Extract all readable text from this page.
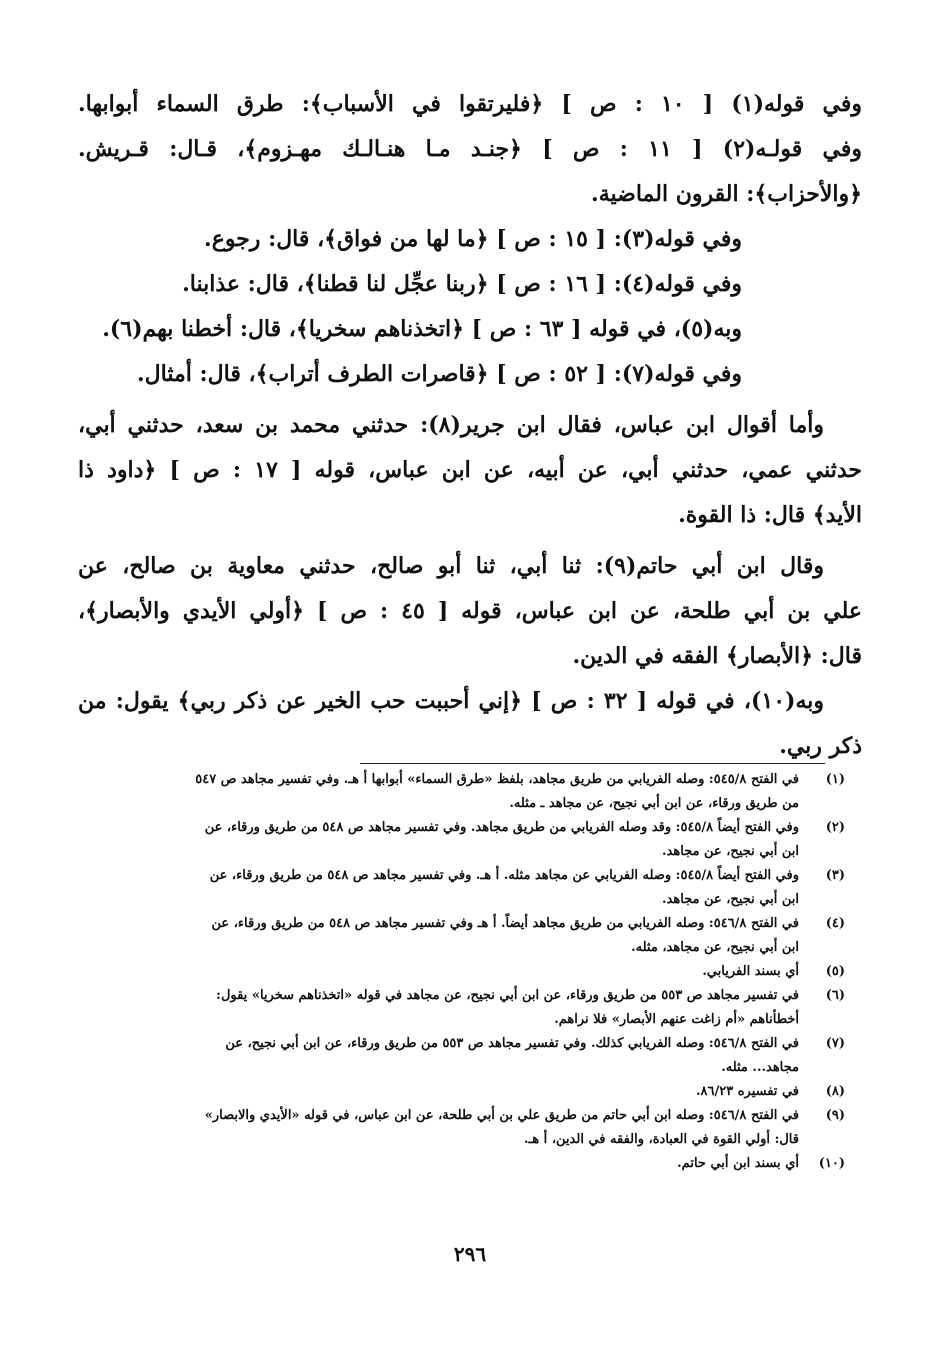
وفي قوله(١) [ ١٠ : ص ] ﴿فليرتقوا في الأسباب﴾: طرق السماء أبوابها.
وفي قولـه(٢) [ ١١ : ص ] ﴿جنـد مـا هنـالـك مهـزوم﴾، قـال: قـريش.
﴿والأحزاب﴾: القرون الماضية.
وفي قوله(٣): [ ١٥ : ص ] ﴿ما لها من فواق﴾، قال: رجوع.
وفي قوله(٤): [ ١٦ : ص ] ﴿ربنا عجِّل لنا قطنا﴾، قال: عذابنا.
وبه(٥)، في قوله [ ٦٣ : ص ] ﴿اتخذناهم سخريا﴾، قال: أخطنا بهم(٦).
وفي قوله(٧): [ ٥٢ : ص ] ﴿قاصرات الطرف أتراب﴾، قال: أمثال.
وأما أقوال ابن عباس، فقال ابن جرير(٨): حدثني محمد بن سعد، حدثني أبي،
حدثني عمي، حدثني أبي، عن أبيه، عن ابن عباس، قوله [ ١٧ : ص ] ﴿داود ذا
الأيد﴾ قال: ذا القوة.
وقال ابن أبي حاتم(٩): ثنا أبي، ثنا أبو صالح، حدثني معاوية بن صالح، عن
علي بن أبي طلحة، عن ابن عباس، قوله [ ٤٥ : ص ] ﴿أولي الأيدي والأبصار﴾،
قال: ﴿الأبصار﴾ الفقه في الدين.
وبه(١٠)، في قوله [ ٣٢ : ص ] ﴿إني أحببت حب الخير عن ذكر ربي﴾ يقول: من
ذكر ربي.
(١)
في الفتح ٥٤٥/٨: وصله الفريابي من طريق مجاهد، بلفظ «طرق السماء» أبوابها أ هـ. وفي تفسير مجاهد ص ٥٤٧
من طريق ورقاء، عن ابن أبي نجيح، عن مجاهد ـ مثله.
(٢)
وفي الفتح أيضاً ٥٤٥/٨: وقد وصله الفريابي من طريق مجاهد. وفي تفسير مجاهد ص ٥٤٨ من طريق ورقاء، عن
ابن أبي نجيح، عن مجاهد.
(٣)
وفي الفتح أيضاً ٥٤٥/٨: وصله الفريابي عن مجاهد مثله. أ هـ. وفي تفسير مجاهد ص ٥٤٨ من طريق ورقاء، عن
ابن أبي نجيح، عن مجاهد.
(٤)
في الفتح ٥٤٦/٨: وصله الفريابي من طريق مجاهد أيضاً. أ هـ وفي تفسير مجاهد ص ٥٤٨ من طريق ورقاء، عن
ابن أبي نجيح، عن مجاهد، مثله.
(٥)
أي بسند الفريابي.
(٦)
في تفسير مجاهد ص ٥٥٣ من طريق ورقاء، عن ابن أبي نجيح، عن مجاهد في قوله «اتخذناهم سخريا» يقول:
أخطأناهم «أم زاغت عنهم الأبصار» فلا نراهم.
(٧)
في الفتح ٥٤٦/٨: وصله الفريابي كذلك. وفي تفسير مجاهد ص ٥٥٣ من طريق ورقاء، عن ابن أبي نجيح، عن
مجاهد... مثله.
(٨)
في تفسيره ٨٦/٢٣.
(٩)
في الفتح ٥٤٦/٨: وصله ابن أبي حاتم من طريق علي بن أبي طلحة، عن ابن عباس، في قوله «الأيدي والابصار»
قال: أولي القوة في العبادة، والفقه في الدين، أ هـ.
(١٠)
أي بسند ابن أبي حاتم.
٢٩٦
